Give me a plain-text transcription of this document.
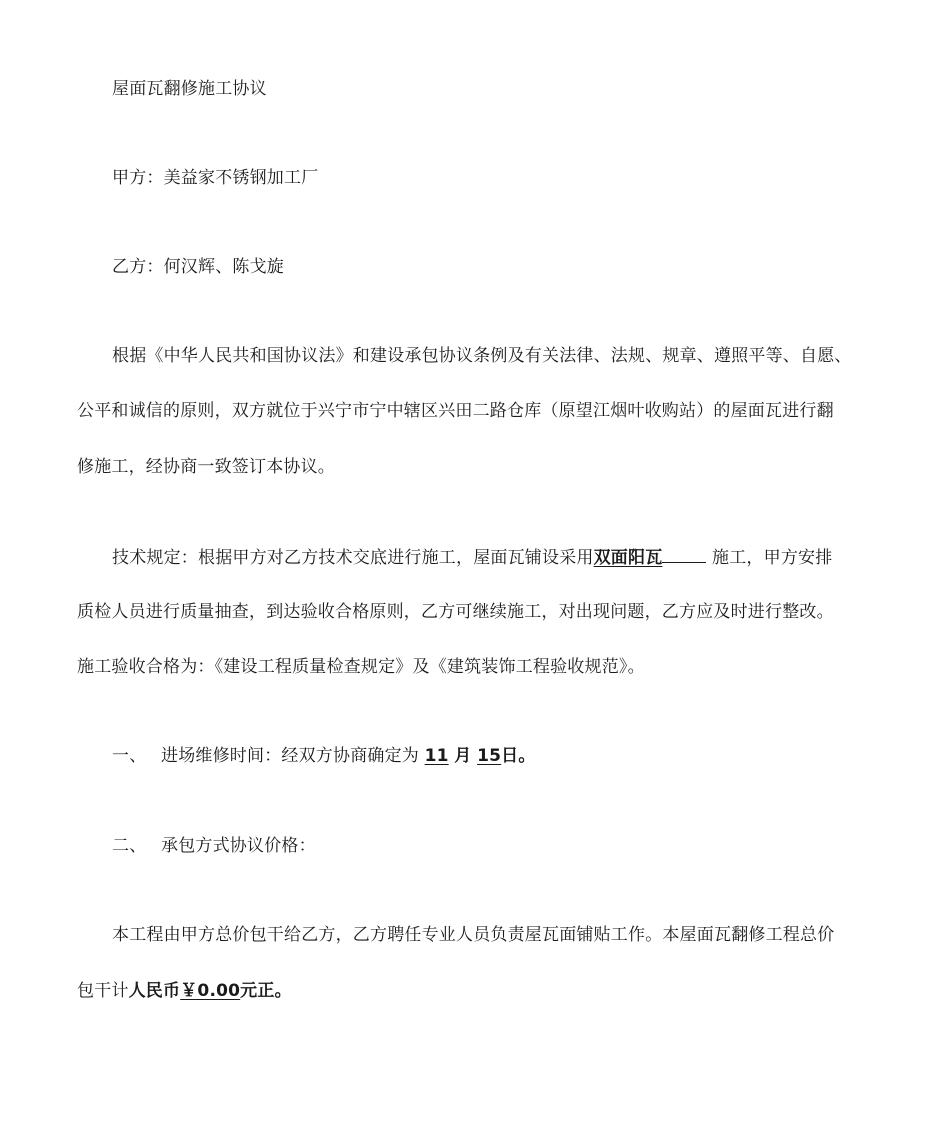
屋面瓦翻修施工协议
甲方：美益家不锈钢加工厂
乙方：何汉辉、陈戈旋
根据《中华人民共和国协议法》和建设承包协议条例及有关法律、法规、规章、遵照平等、自愿、
公平和诚信的原则，双方就位于兴宁市宁中辖区兴田二路仓库（原望江烟叶收购站）的屋面瓦进行翻
修施工，经协商一致签订本协议。
技术规定：根据甲方对乙方技术交底进行施工，屋面瓦铺设采用双面阳瓦	施工，甲方安排
质检人员进行质量抽查，到达验收合格原则，乙方可继续施工，对出现问题，乙方应及时进行整改。
施工验收合格为：《建设工程质量检查规定》及《建筑装饰工程验收规范》。
一、 进场维修时间：经双方协商确定为 11 月 15日。
二、 承包方式协议价格：
本工程由甲方总价包干给乙方，乙方聘任专业人员负责屋瓦面铺贴工作。本屋面瓦翻修工程总价
包干计人民币￥0.00元正。
